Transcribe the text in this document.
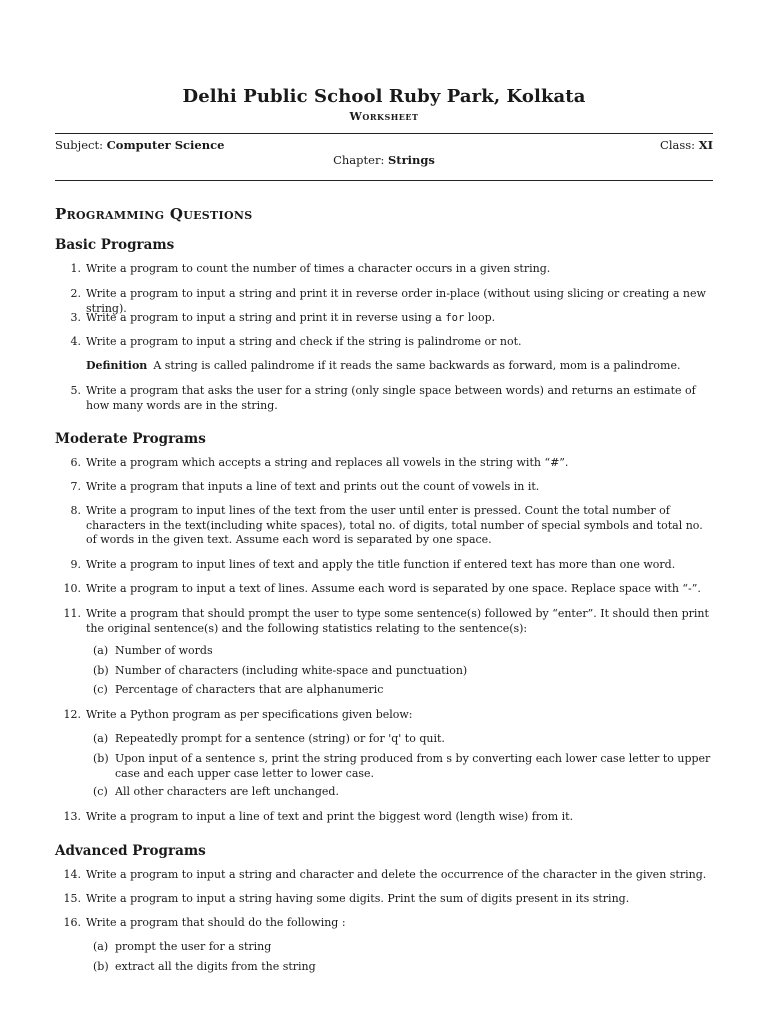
Delhi Public School Ruby Park, Kolkata
Worksheet
Subject: Computer Science	Class: XI
Chapter: Strings
Programming Questions
Basic Programs
1. Write a program to count the number of times a character occurs in a given string.
2. Write a program to input a string and print it in reverse order in-place (without using slicing or creating a new string).
3. Write a program to input a string and print it in reverse using a for loop.
4. Write a program to input a string and check if the string is palindrome or not.
Definition A string is called palindrome if it reads the same backwards as forward, mom is a palindrome.
5. Write a program that asks the user for a string (only single space between words) and returns an estimate of how many words are in the string.
Moderate Programs
6. Write a program which accepts a string and replaces all vowels in the string with “#”.
7. Write a program that inputs a line of text and prints out the count of vowels in it.
8. Write a program to input lines of the text from the user until enter is pressed. Count the total number of characters in the text(including white spaces), total no. of digits, total number of special symbols and total no. of words in the given text. Assume each word is separated by one space.
9. Write a program to input lines of text and apply the title function if entered text has more than one word.
10. Write a program to input a text of lines. Assume each word is separated by one space. Replace space with “-”.
11. Write a program that should prompt the user to type some sentence(s) followed by “enter”. It should then print the original sentence(s) and the following statistics relating to the sentence(s):
(a) Number of words
(b) Number of characters (including white-space and punctuation)
(c) Percentage of characters that are alphanumeric
12. Write a Python program as per specifications given below:
(a) Repeatedly prompt for a sentence (string) or for 'q' to quit.
(b) Upon input of a sentence s, print the string produced from s by converting each lower case letter to upper case and each upper case letter to lower case.
(c) All other characters are left unchanged.
13. Write a program to input a line of text and print the biggest word (length wise) from it.
Advanced Programs
14. Write a program to input a string and character and delete the occurrence of the character in the given string.
15. Write a program to input a string having some digits. Print the sum of digits present in its string.
16. Write a program that should do the following :
(a) prompt the user for a string
(b) extract all the digits from the string
